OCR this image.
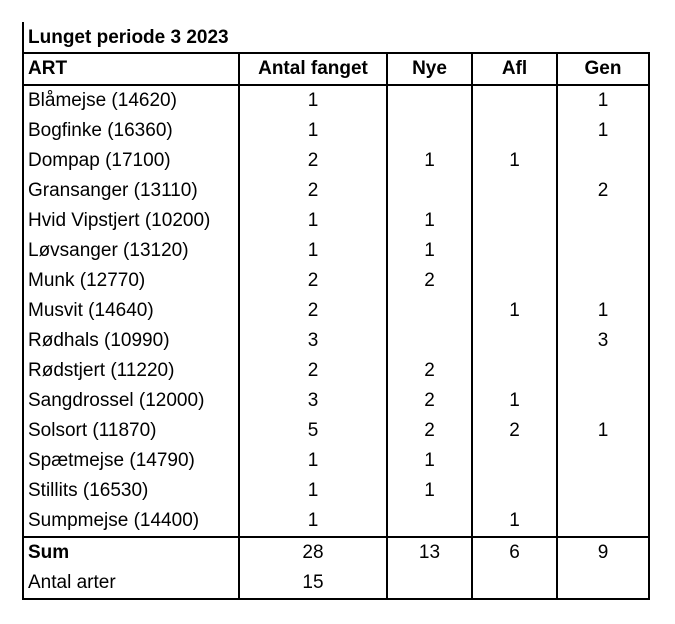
Lunget periode 3 2023
ART	Antal fanget	Nye	Afl	Gen
Blåmejse (14620)	1			1
Bogfinke (16360)	1			1
Dompap (17100)	2	1	1	
Gransanger (13110)	2			2
Hvid Vipstjert (10200)	1	1		
Løvsanger (13120)	1	1		
Munk (12770)	2	2		
Musvit (14640)	2		1	1
Rødhals (10990)	3			3
Rødstjert (11220)	2	2		
Sangdrossel (12000)	3	2	1	
Solsort (11870)	5	2	2	1
Spætmejse (14790)	1	1		
Stillits (16530)	1	1		
Sumpmejse (14400)	1		1	
Sum	28	13	6	9
Antal arter	15			
